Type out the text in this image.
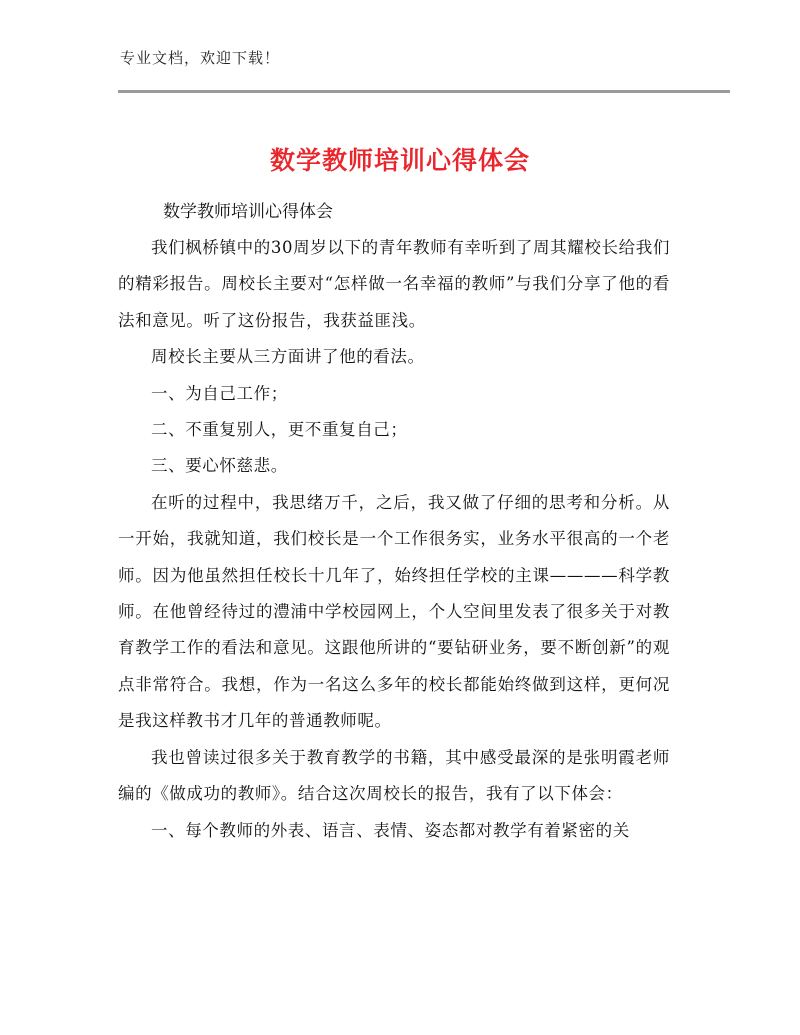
专业文档，欢迎下载！
数学教师培训心得体会
数学教师培训心得体会

我们枫桥镇中的30周岁以下的青年教师有幸听到了周其耀校长给我们的精彩报告。周校长主要对“怎样做一名幸福的教师”与我们分享了他的看法和意见。听了这份报告，我获益匪浅。

周校长主要从三方面讲了他的看法。

一、为自己工作；

二、不重复别人，更不重复自己；

三、要心怀慈悲。

在听的过程中，我思绪万千，之后，我又做了仔细的思考和分析。从一开始，我就知道，我们校长是一个工作很务实，业务水平很高的一个老师。因为他虽然担任校长十几年了，始终担任学校的主课————科学教师。在他曾经待过的澧浦中学校园网上，个人空间里发表了很多关于对教育教学工作的看法和意见。这跟他所讲的“要钻研业务，要不断创新”的观点非常符合。我想，作为一名这么多年的校长都能始终做到这样，更何况是我这样教书才几年的普通教师呢。

我也曾读过很多关于教育教学的书籍，其中感受最深的是张明霞老师编的《做成功的教师》。结合这次周校长的报告，我有了以下体会：

一、每个教师的外表、语言、表情、姿态都对教学有着紧密的关
